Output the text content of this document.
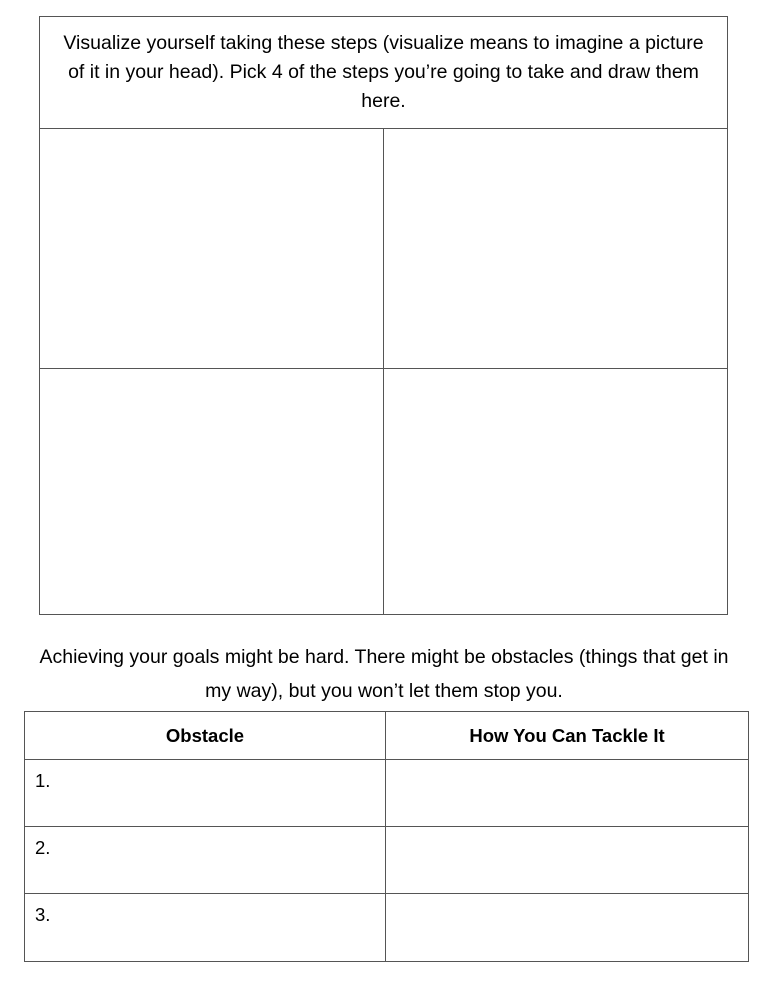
Visualize yourself taking these steps (visualize means to imagine a picture of it in your head). Pick 4 of the steps you’re going to take and draw them here.
Achieving your goals might be hard. There might be obstacles (things that get in my way), but you won’t let them stop you.
Obstacle	How You Can Tackle It
1.
2.
3.
